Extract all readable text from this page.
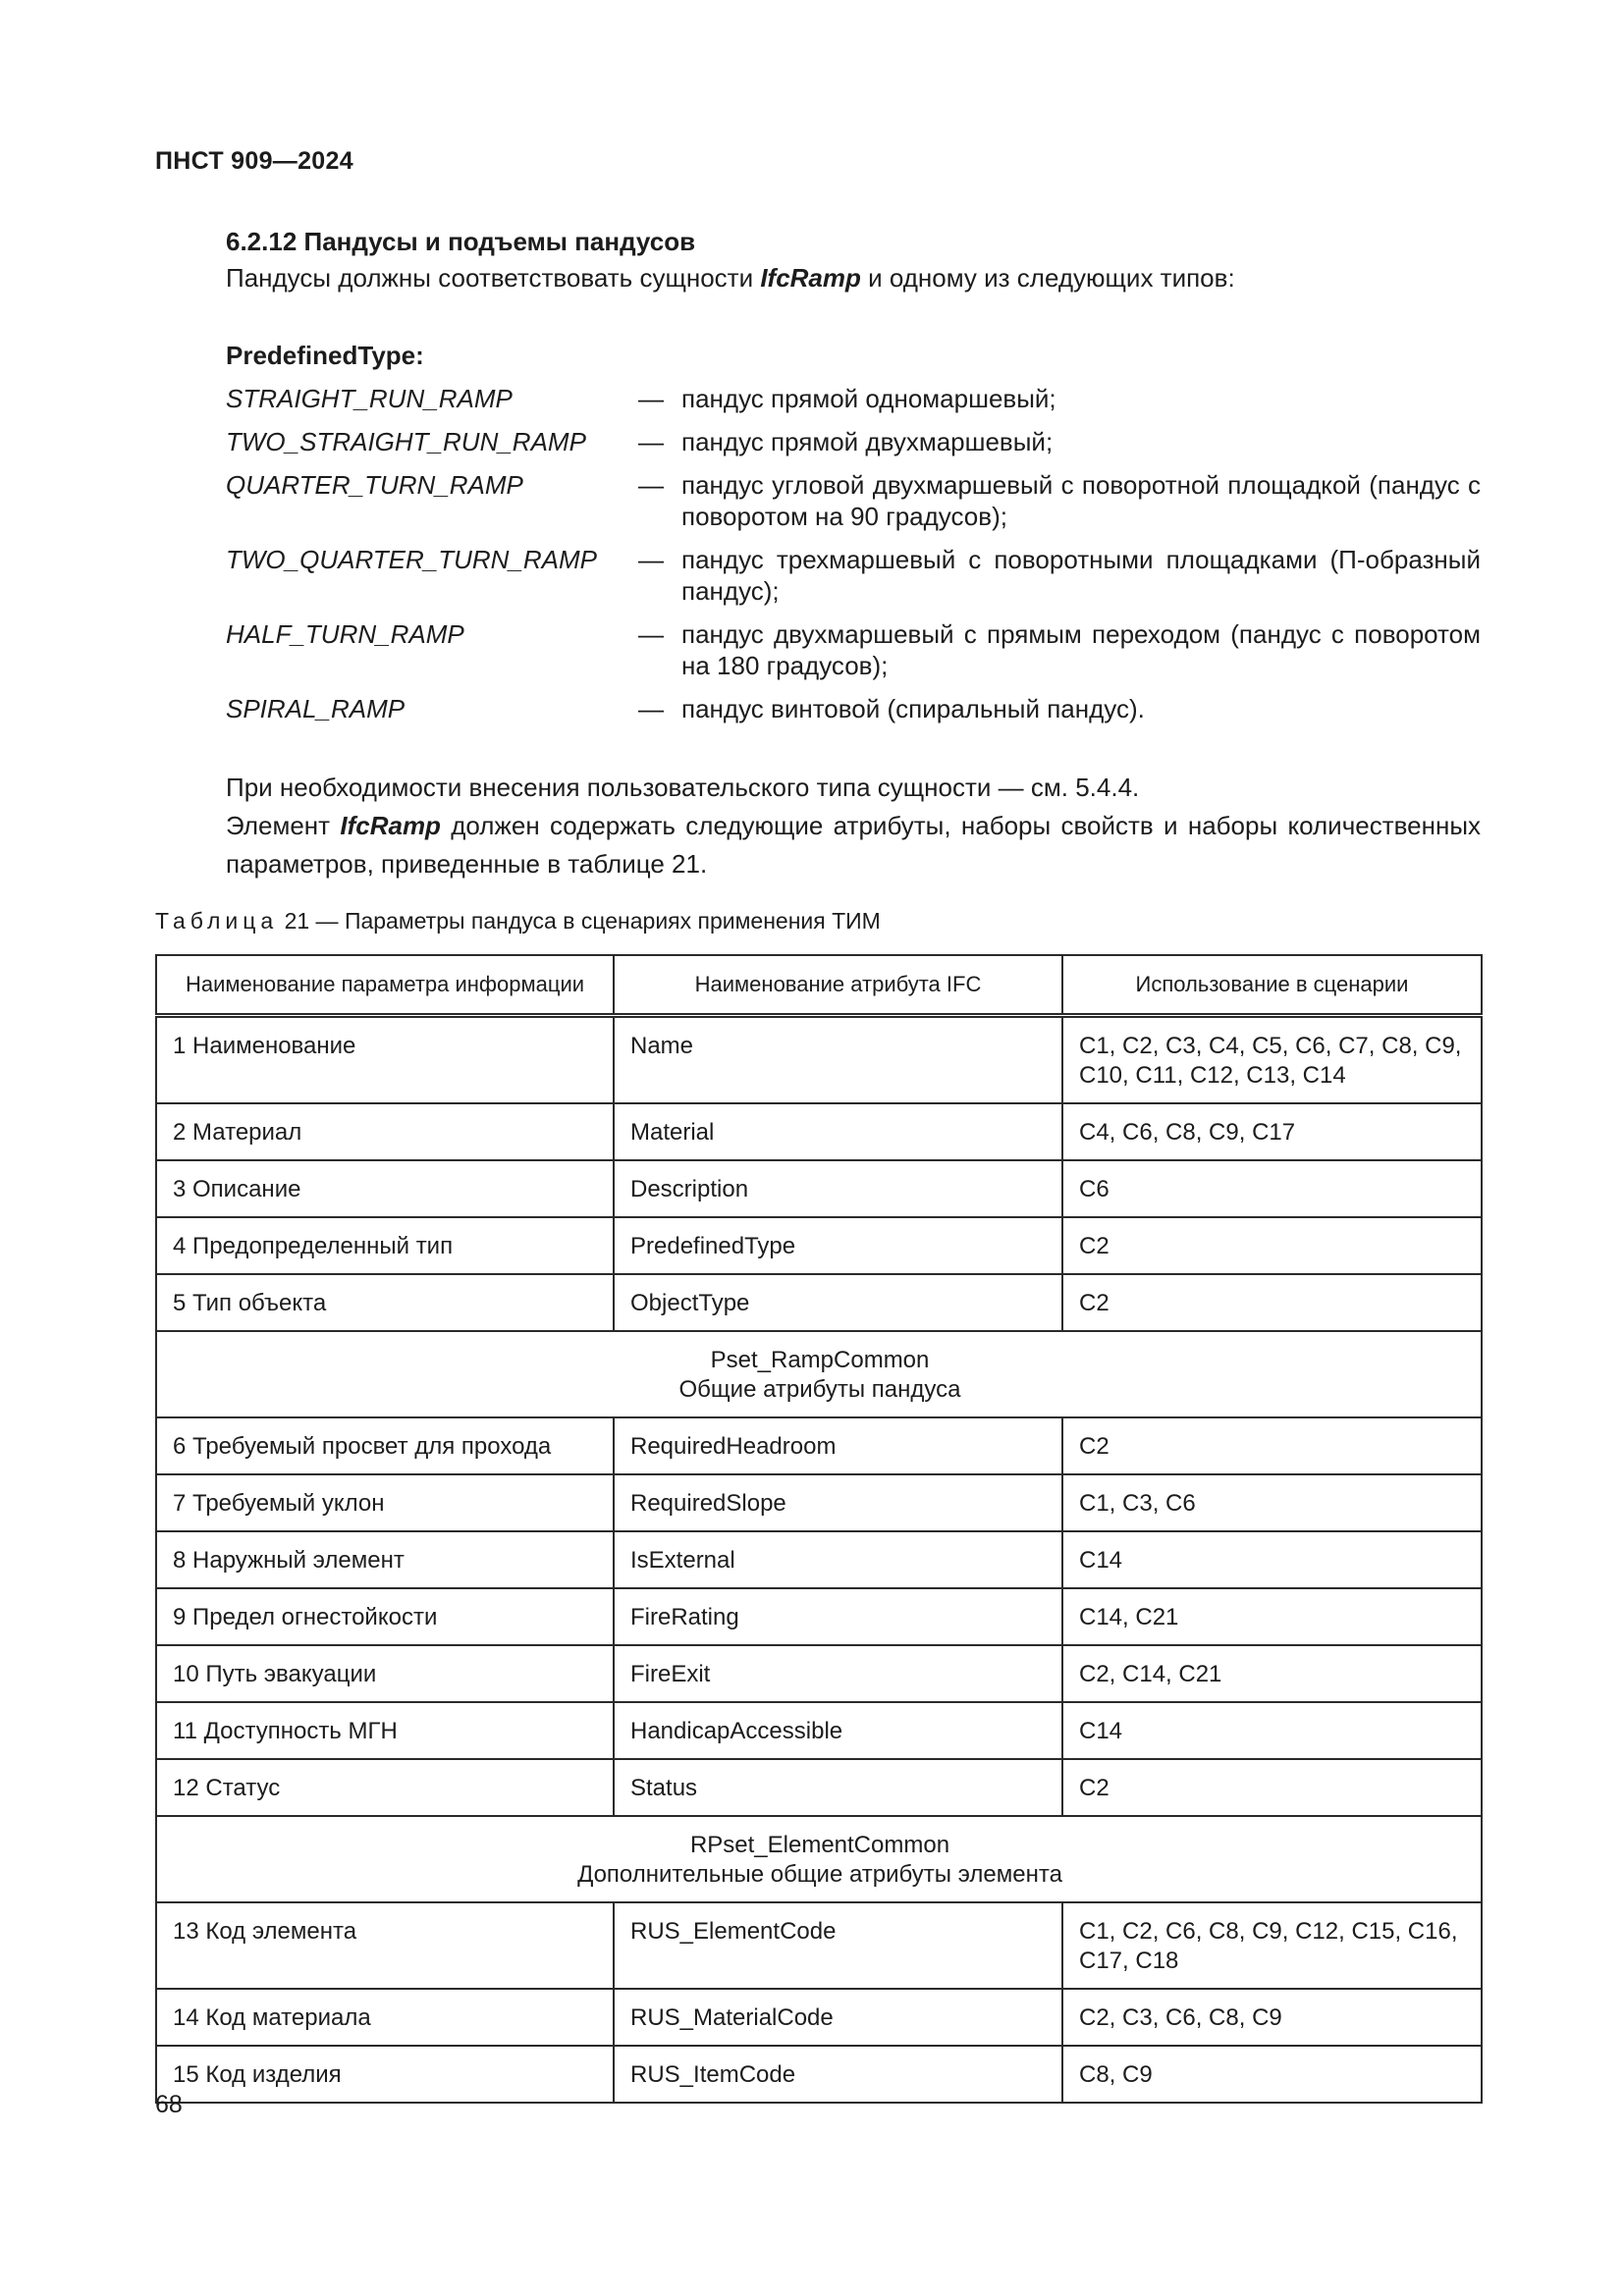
ПНСТ 909—2024
6.2.12 Пандусы и подъемы пандусов
Пандусы должны соответствовать сущности IfcRamp и одному из следующих типов:
PredefinedType:
STRAIGHT_RUN_RAMP	— пандус прямой одномаршевый;
TWO_STRAIGHT_RUN_RAMP	— пандус прямой двухмаршевый;
QUARTER_TURN_RAMP	— пандус угловой двухмаршевый с поворотной площадкой (пандус с поворотом на 90 градусов);
TWO_QUARTER_TURN_RAMP	— пандус трехмаршевый с поворотными площадками (П-образный пандус);
HALF_TURN_RAMP	— пандус двухмаршевый с прямым переходом (пандус с поворотом на 180 градусов);
SPIRAL_RAMP	— пандус винтовой (спиральный пандус).

При необходимости внесения пользовательского типа сущности — см. 5.4.4.

Элемент IfcRamp должен содержать следующие атрибуты, наборы свойств и наборы количественных параметров, приведенные в таблице 21.

Таблица 21 — Параметры пандуса в сценариях применения ТИМ
Наименование параметра информации	Наименование атрибута IFC	Использование в сценарии
1 Наименование	Name	C1, C2, C3, C4, C5, C6, C7, C8, C9, C10, C11, C12, C13, C14
2 Материал	Material	C4, C6, C8, C9, C17
3 Описание	Description	C6
4 Предопределенный тип	PredefinedType	C2
5 Тип объекта	ObjectType	C2

Pset_RampCommon
Общие атрибуты пандуса		

6 Требуемый просвет для прохода	RequiredHeadroom	C2
7 Требуемый уклон	RequiredSlope	C1, C3, C6
8 Наружный элемент	IsExternal	C14
9 Предел огнестойкости	FireRating	C14, C21
10 Путь эвакуации	FireExit	C2, C14, C21
11 Доступность МГН	HandicapAccessible	C14
12 Статус	Status	C2

RPset_ElementCommon
Дополнительные общие атрибуты элемента		

13 Код элемента	RUS_ElementCode	C1, C2, C6, C8, C9, C12, C15, C16, C17, C18
14 Код материала	RUS_MaterialCode	C2, C3, C6, C8, C9
15 Код изделия	RUS_ItemCode	C8, C9
68
